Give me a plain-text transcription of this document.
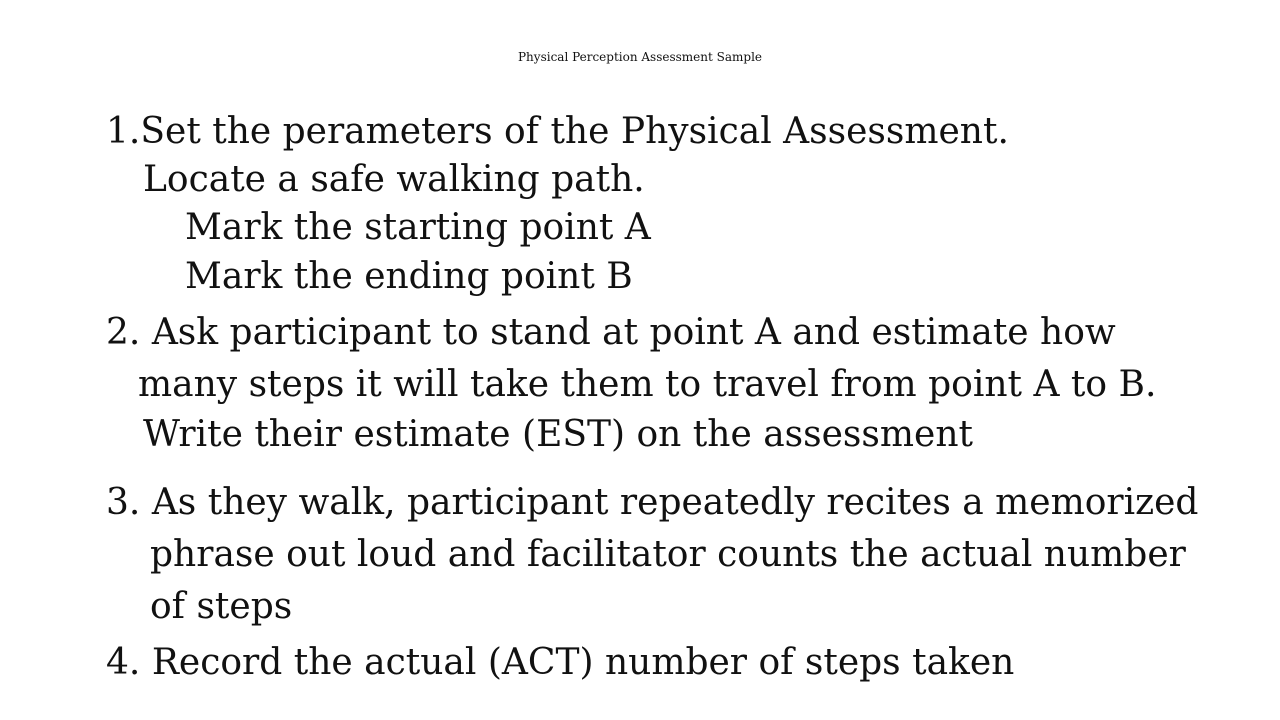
Physical Perception Assessment Sample
1.Set the perameters of the Physical Assessment.
Locate a safe walking path.
Mark the starting point A
Mark the ending point B
2. Ask participant to stand at point A and estimate how
many steps it will take them to travel from point A to B.
Write their estimate (EST) on the assessment
3. As they walk, participant repeatedly recites a memorized
phrase out loud and facilitator counts the actual number
of steps
4. Record the actual (ACT) number of steps taken
